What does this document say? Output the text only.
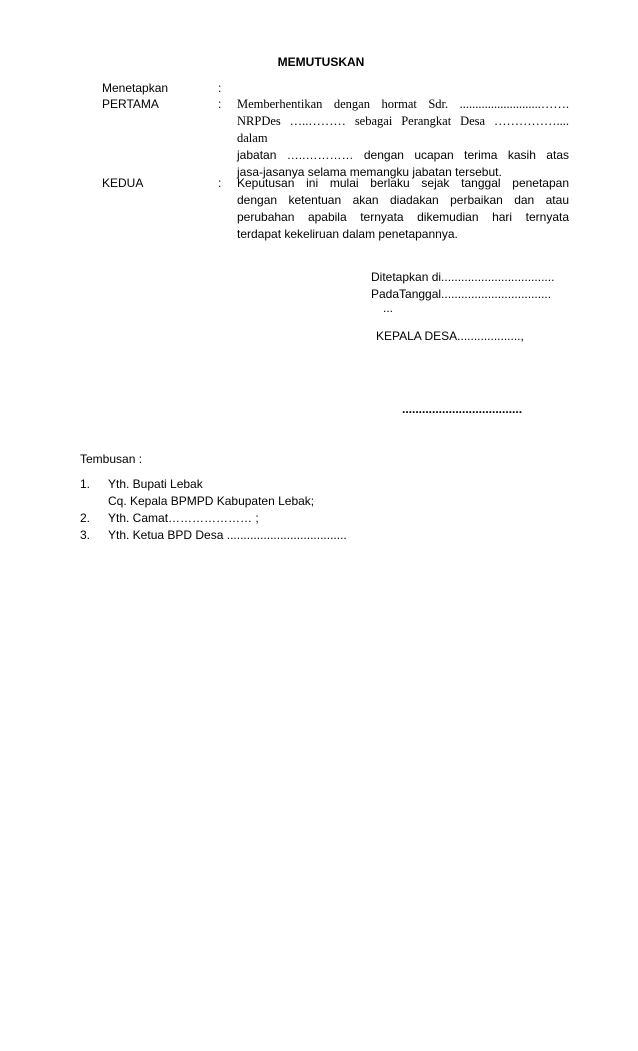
MEMUTUSKAN
Menetapkan	:
PERTAMA	: Memberhentikan dengan hormat Sdr. ..........................…….
NRPDes …..……… sebagai Perangkat Desa …………….... dalam
jabatan …..………… dengan ucapan terima kasih atas
jasa-jasanya selama memangku jabatan tersebut.
KEDUA	: Keputusan ini mulai berlaku sejak tanggal penetapan
dengan ketentuan akan diadakan perbaikan dan atau
perubahan apabila ternyata dikemudian hari ternyata
terdapat kekeliruan dalam penetapannya.
Ditetapkan di..................................
PadaTanggal.................................
...
KEPALA DESA...................,
....................................
Tembusan :
1. Yth. Bupati Lebak
Cq. Kepala BPMPD Kabupaten Lebak;
2. Yth. Camat………………… ;
3. Yth. Ketua BPD Desa ....................................
